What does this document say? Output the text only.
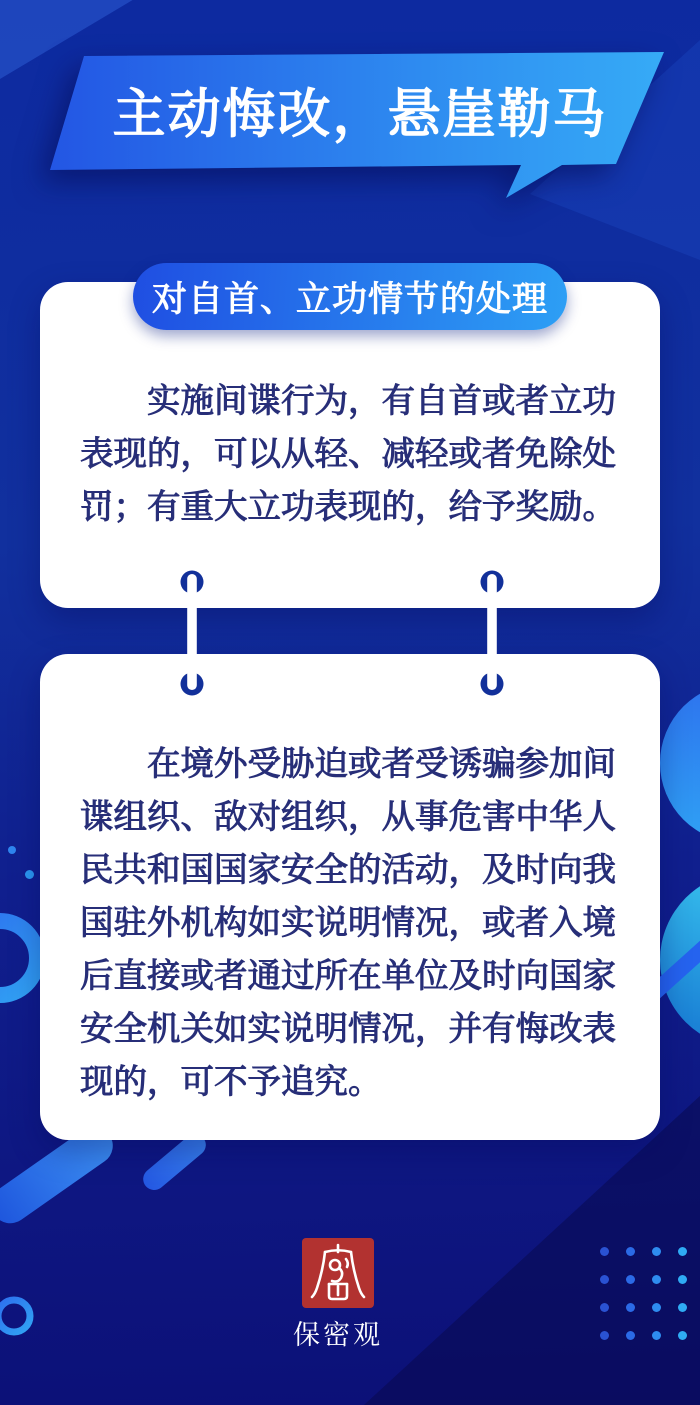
主动悔改，悬崖勒马
实施间谍行为，有自首或者立功表现的，可以从轻、减轻或者免除处罚；有重大立功表现的，给予奖励。
对自首、立功情节的处理
在境外受胁迫或者受诱骗参加间谍组织、敌对组织，从事危害中华人民共和国国家安全的活动，及时向我国驻外机构如实说明情况，或者入境后直接或者通过所在单位及时向国家安全机关如实说明情况，并有悔改表现的，可不予追究。
保密观
